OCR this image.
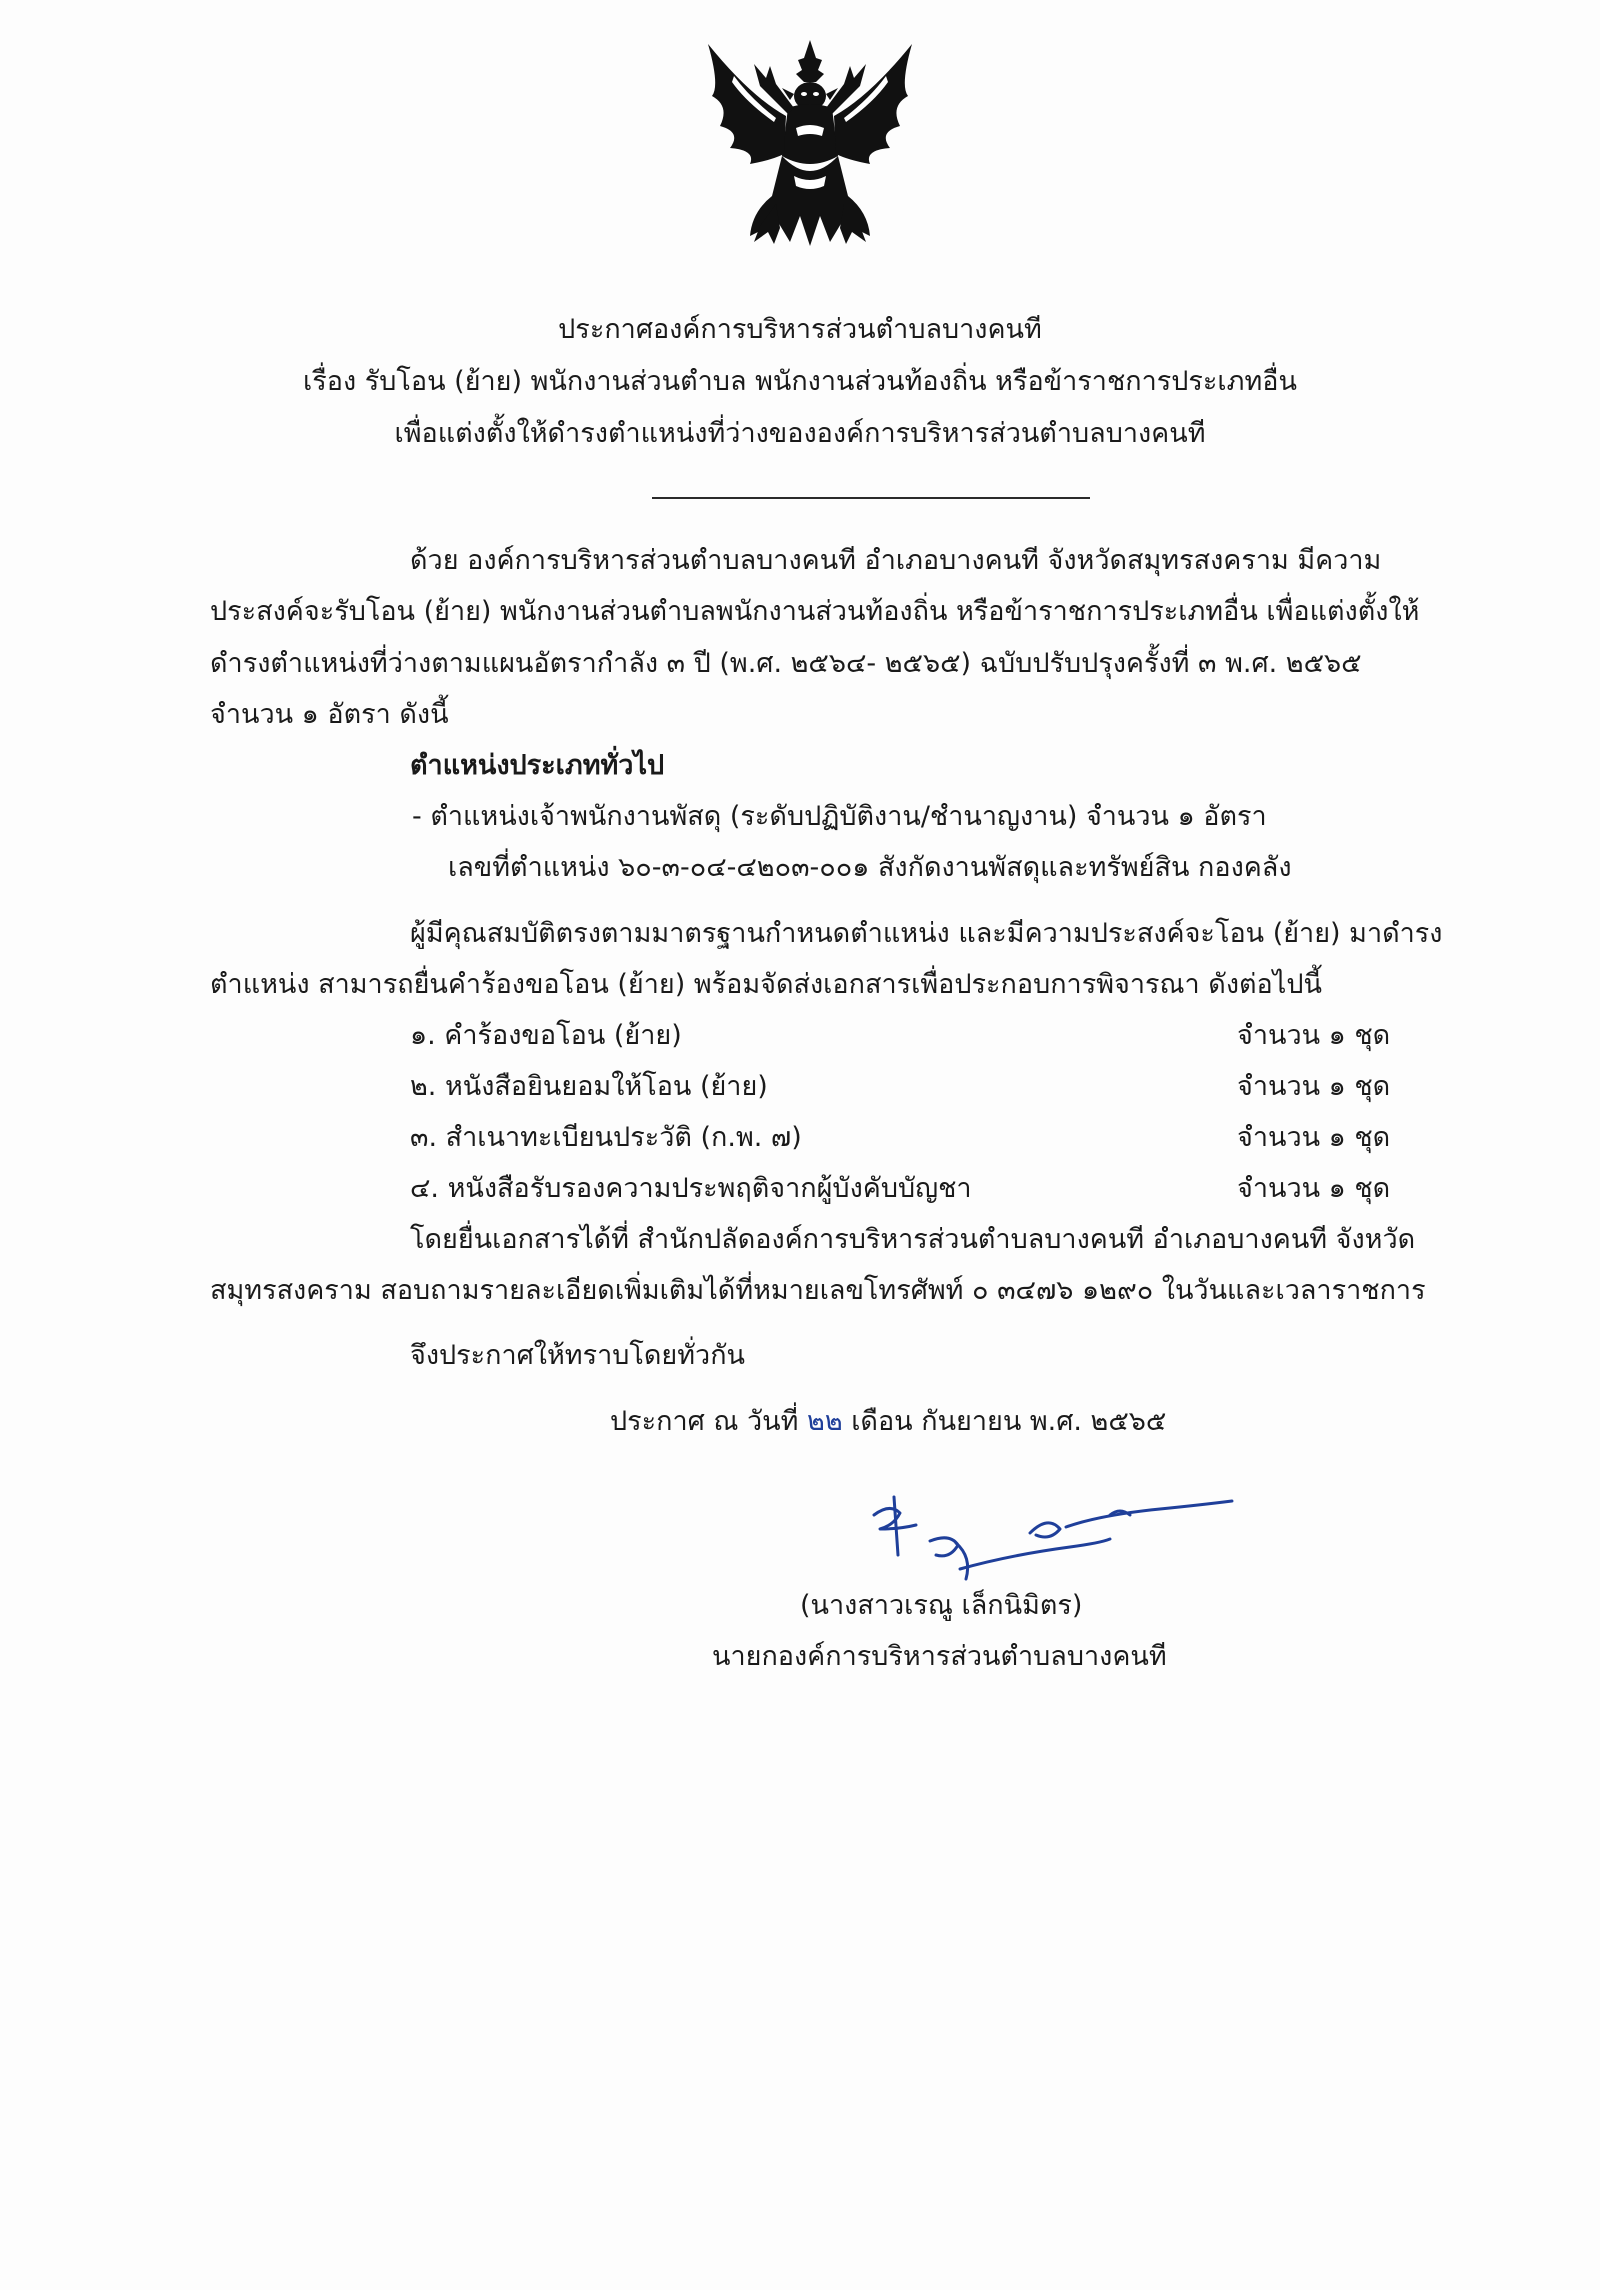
ประกาศองค์การบริหารส่วนตำบลบางคนที
เรื่อง รับโอน (ย้าย) พนักงานส่วนตำบล พนักงานส่วนท้องถิ่น หรือข้าราชการประเภทอื่น
เพื่อแต่งตั้งให้ดำรงตำแหน่งที่ว่างขององค์การบริหารส่วนตำบลบางคนที
ด้วย องค์การบริหารส่วนตำบลบางคนที อำเภอบางคนที จังหวัดสมุทรสงคราม มีความ
ประสงค์จะรับโอน (ย้าย) พนักงานส่วนตำบลพนักงานส่วนท้องถิ่น หรือข้าราชการประเภทอื่น เพื่อแต่งตั้งให้
ดำรงตำแหน่งที่ว่างตามแผนอัตรากำลัง ๓ ปี (พ.ศ. ๒๕๖๔- ๒๕๖๕) ฉบับปรับปรุงครั้งที่ ๓ พ.ศ. ๒๕๖๕
จำนวน ๑ อัตรา ดังนี้
ตำแหน่งประเภททั่วไป
- ตำแหน่งเจ้าพนักงานพัสดุ (ระดับปฏิบัติงาน/ชำนาญงาน) จำนวน ๑ อัตรา
เลขที่ตำแหน่ง ๖๐-๓-๐๔-๔๒๐๓-๐๐๑ สังกัดงานพัสดุและทรัพย์สิน กองคลัง
ผู้มีคุณสมบัติตรงตามมาตรฐานกำหนดตำแหน่ง และมีความประสงค์จะโอน (ย้าย) มาดำรง
ตำแหน่ง สามารถยื่นคำร้องขอโอน (ย้าย) พร้อมจัดส่งเอกสารเพื่อประกอบการพิจารณา ดังต่อไปนี้
๑. คำร้องขอโอน (ย้าย)	จำนวน ๑ ชุด
๒. หนังสือยินยอมให้โอน (ย้าย)	จำนวน ๑ ชุด
๓. สำเนาทะเบียนประวัติ (ก.พ. ๗)	จำนวน ๑ ชุด
๔. หนังสือรับรองความประพฤติจากผู้บังคับบัญชา	จำนวน ๑ ชุด
โดยยื่นเอกสารได้ที่ สำนักปลัดองค์การบริหารส่วนตำบลบางคนที อำเภอบางคนที จังหวัด
สมุทรสงคราม สอบถามรายละเอียดเพิ่มเติมได้ที่หมายเลขโทรศัพท์ ๐ ๓๔๗๖ ๑๒๙๐ ในวันและเวลาราชการ
จึงประกาศให้ทราบโดยทั่วกัน
ประกาศ ณ วันที่ ๒๒ เดือน กันยายน พ.ศ. ๒๕๖๕
(นางสาวเรณู เล็กนิมิตร)
นายกองค์การบริหารส่วนตำบลบางคนที
